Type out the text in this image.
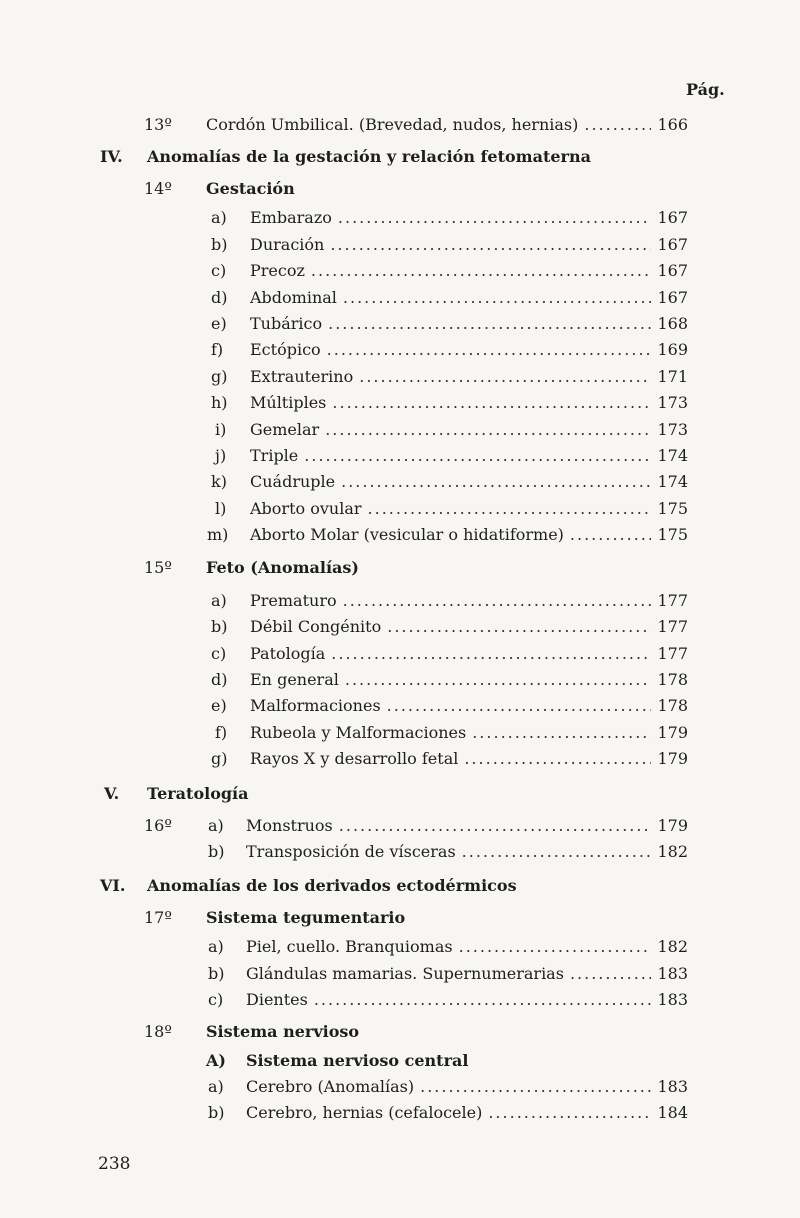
Pág.
13º Cordón Umbilical. (Brevedad, nudos, hernias) .....	166
IV. Anomalías de la gestación y relación fetomaterna
14º Gestación
a) Embarazo .....	167
b) Duración .....	167
c) Precoz .....	167
d) Abdominal .....	167
e) Tubárico .....	168
f) Ectópico .....	169
g) Extrauterino .....	171
h) Múltiples .....	173
i) Gemelar .....	173
j) Triple .....	174
k) Cuádruple .....	174
l) Aborto ovular .....	175
m) Aborto Molar (vesicular o hidatiforme) .....	175
15º Feto (Anomalías)
a) Prematuro .....	177
b) Débil Congénito .....	177
c) Patología .....	177
d) En general .....	178
e) Malformaciones .....	178
f) Rubeola y Malformaciones .....	179
g) Rayos X y desarrollo fetal .....	179
V. Teratología
16º a) Monstruos .....	179
b) Transposición de vísceras .....	182
VI. Anomalías de los derivados ectodérmicos
17º Sistema tegumentario
a) Piel, cuello. Branquiomas .....	182
b) Glándulas mamarias. Supernumerarias .....	183
c) Dientes .....	183
18º Sistema nervioso
A) Sistema nervioso central
a) Cerebro (Anomalías) .....	183
b) Cerebro, hernias (cefalocele) .....	184
238
